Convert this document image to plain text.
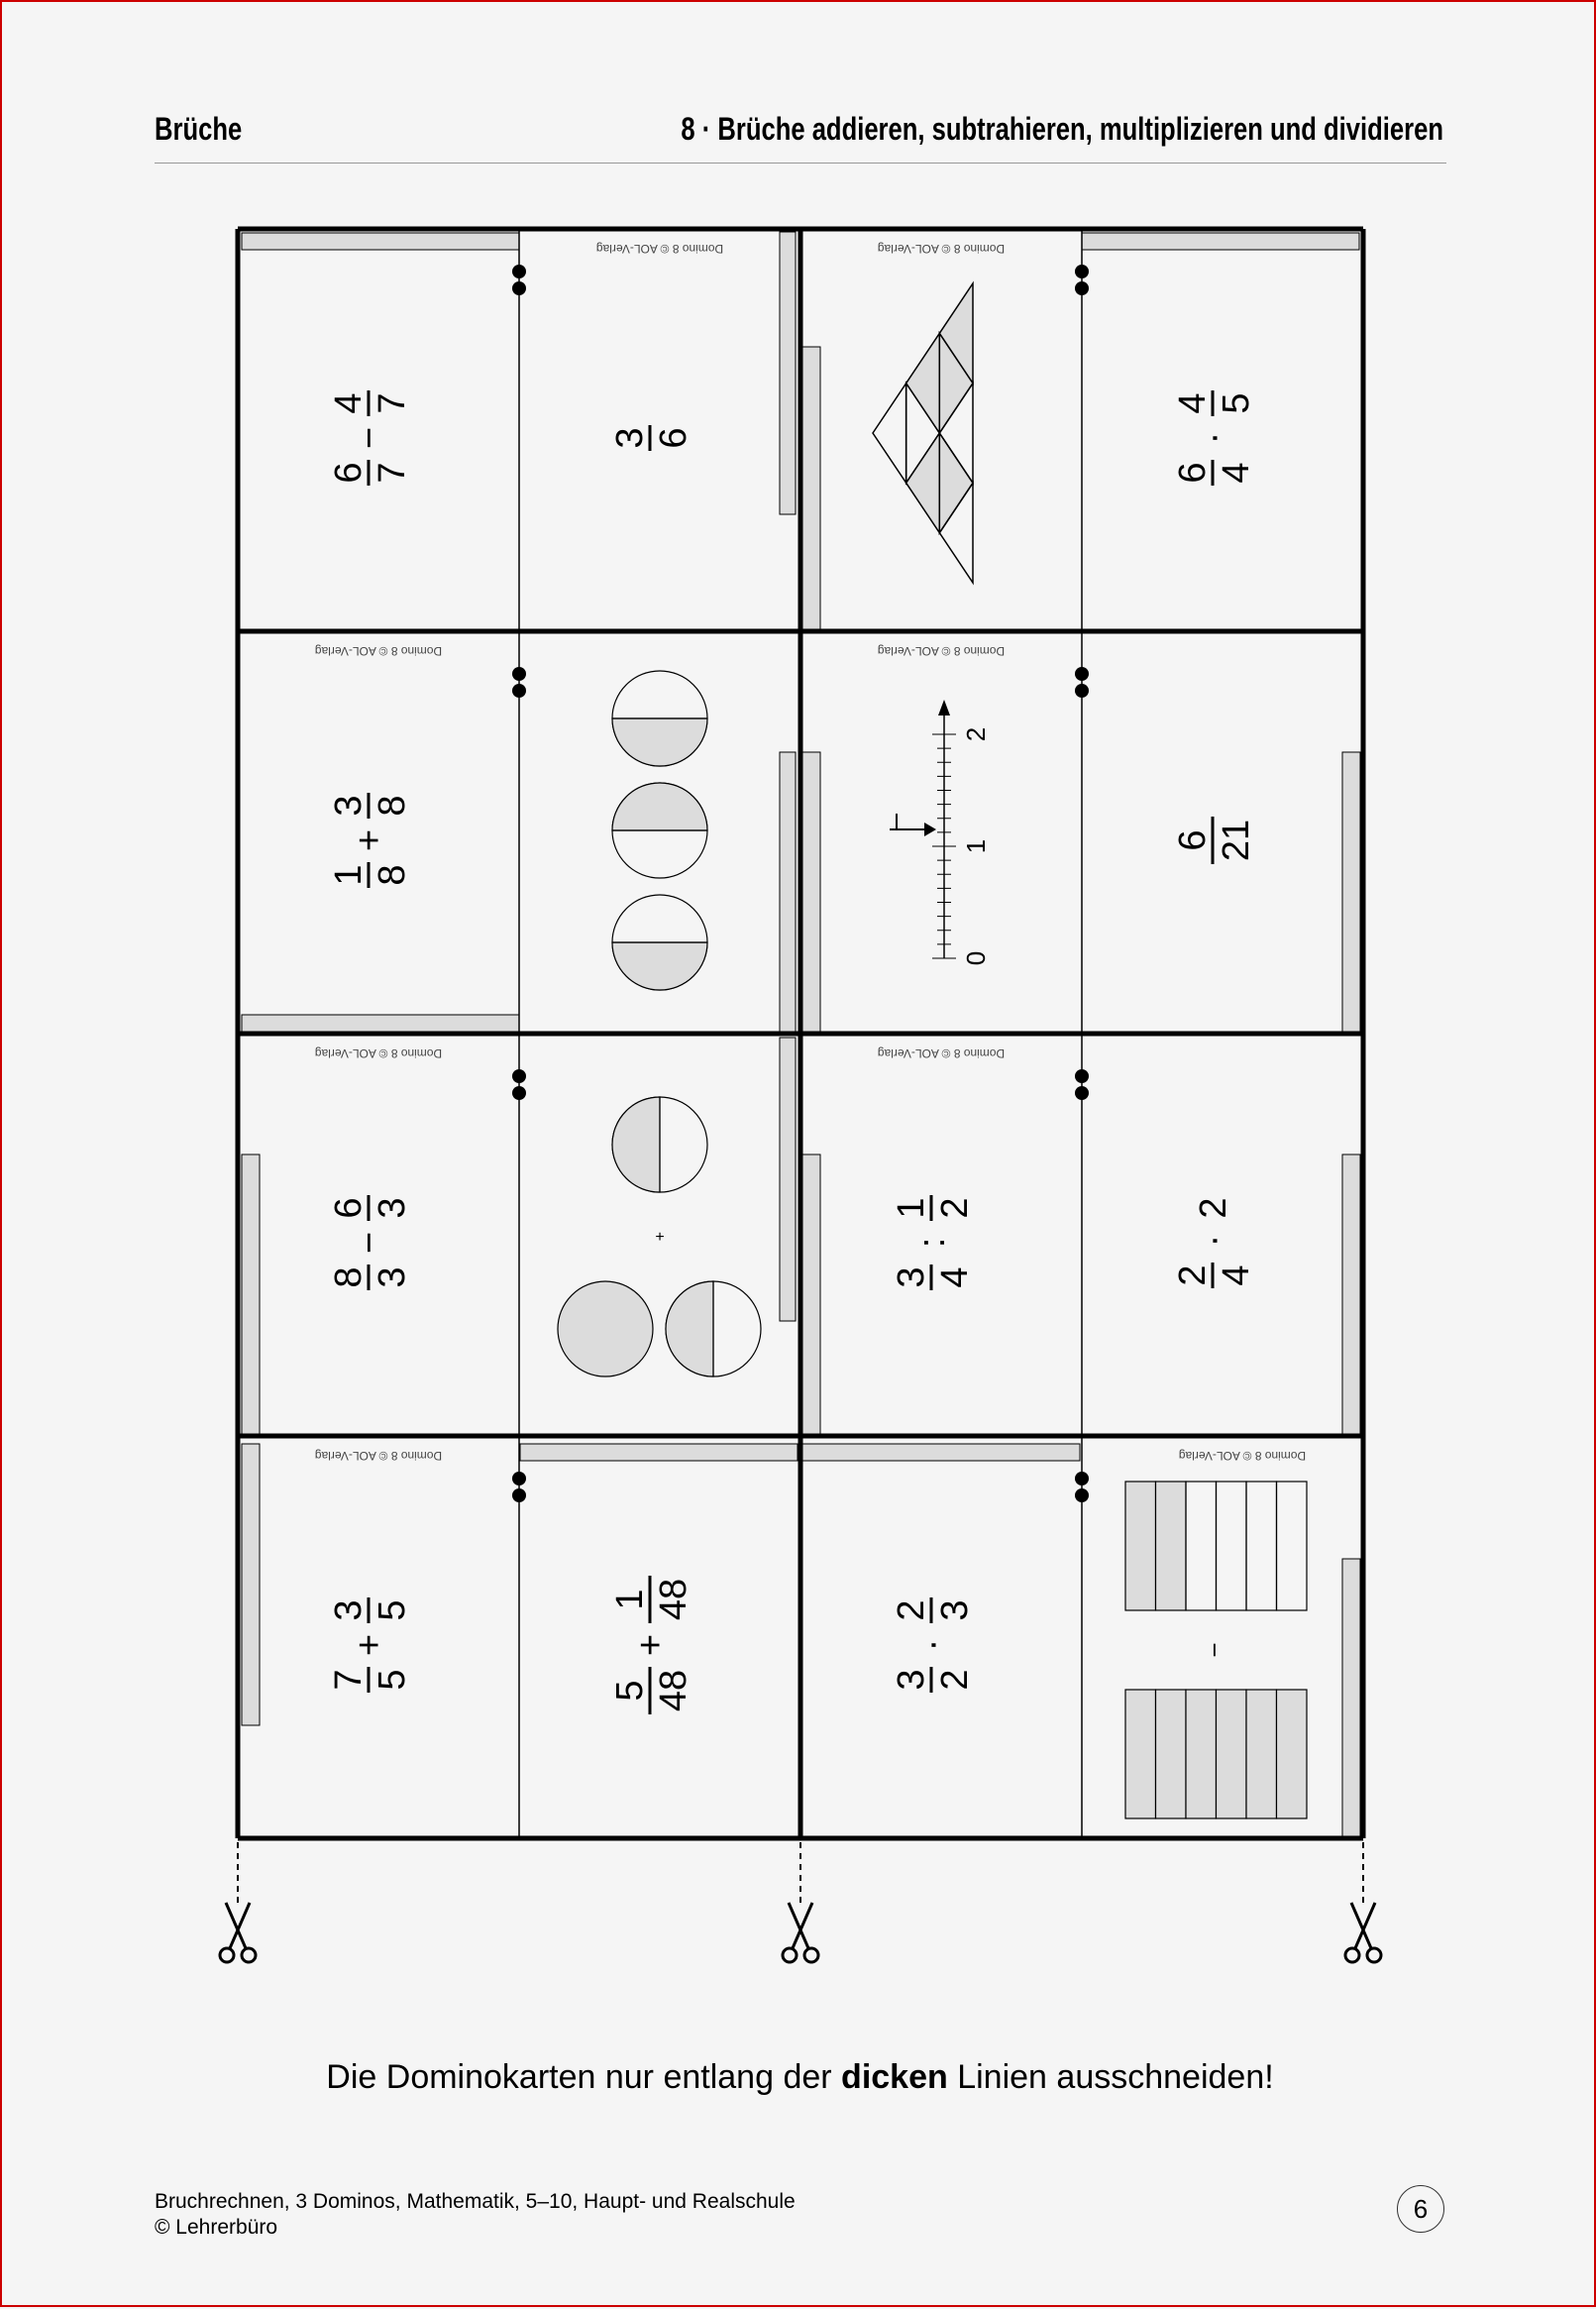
Brüche	8 · Brüche addieren, subtrahieren, multiplizieren und dividieren
Domino 8 © AOL-Verlag	Domino 8 © AOL-Verlag
Domino 8 © AOL-Verlag	Domino 8 © AOL-Verlag
Domino 8 © AOL-Verlag	Domino 8 © AOL-Verlag
Domino 8 © AOL-Verlag	Domino 8 © AOL-Verlag
6 7
−
4 7
3 6
6 4
·
4 5
1 8
+
3 8
0
1
2
6 21
8 3
−
6 3
+
3 4
:
1 2
2 4
·
2
7 5
+
3 5
5 48
+
1 48
3 2
·
2 3
−
Die Dominokarten nur entlang der dicken Linien ausschneiden!
Bruchrechnen, 3 Dominos, Mathematik, 5–10, Haupt- und Realschule
© Lehrerbüro
6
